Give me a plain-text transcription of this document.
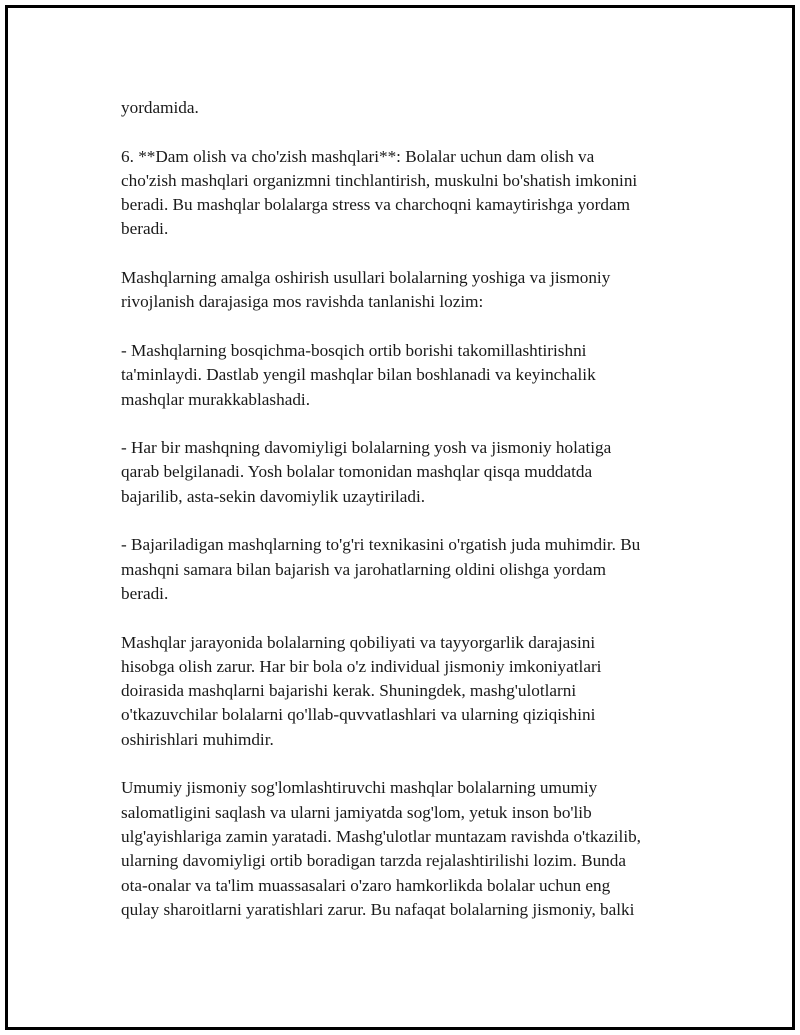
yordamida.

6. **Dam olish va cho'zish mashqlari**: Bolalar uchun dam olish va
cho'zish mashqlari organizmni tinchlantirish, muskulni bo'shatish imkonini
beradi. Bu mashqlar bolalarga stress va charchoqni kamaytirishga yordam
beradi.

Mashqlarning amalga oshirish usullari bolalarning yoshiga va jismoniy
rivojlanish darajasiga mos ravishda tanlanishi lozim:

- Mashqlarning bosqichma-bosqich ortib borishi takomillashtirishni
ta'minlaydi. Dastlab yengil mashqlar bilan boshlanadi va keyinchalik
mashqlar murakkablashadi.

- Har bir mashqning davomiyligi bolalarning yosh va jismoniy holatiga
qarab belgilanadi. Yosh bolalar tomonidan mashqlar qisqa muddatda
bajarilib, asta-sekin davomiylik uzaytiriladi.

- Bajariladigan mashqlarning to'g'ri texnikasini o'rgatish juda muhimdir. Bu
mashqni samara bilan bajarish va jarohatlarning oldini olishga yordam
beradi.

Mashqlar jarayonida bolalarning qobiliyati va tayyorgarlik darajasini
hisobga olish zarur. Har bir bola o'z individual jismoniy imkoniyatlari
doirasida mashqlarni bajarishi kerak. Shuningdek, mashg'ulotlarni
o'tkazuvchilar bolalarni qo'llab-quvvatlashlari va ularning qiziqishini
oshirishlari muhimdir.

Umumiy jismoniy sog'lomlashtiruvchi mashqlar bolalarning umumiy
salomatligini saqlash va ularni jamiyatda sog'lom, yetuk inson bo'lib
ulg'ayishlariga zamin yaratadi. Mashg'ulotlar muntazam ravishda o'tkazilib,
ularning davomiyligi ortib boradigan tarzda rejalashtirilishi lozim. Bunda
ota-onalar va ta'lim muassasalari o'zaro hamkorlikda bolalar uchun eng
qulay sharoitlarni yaratishlari zarur. Bu nafaqat bolalarning jismoniy, balki
